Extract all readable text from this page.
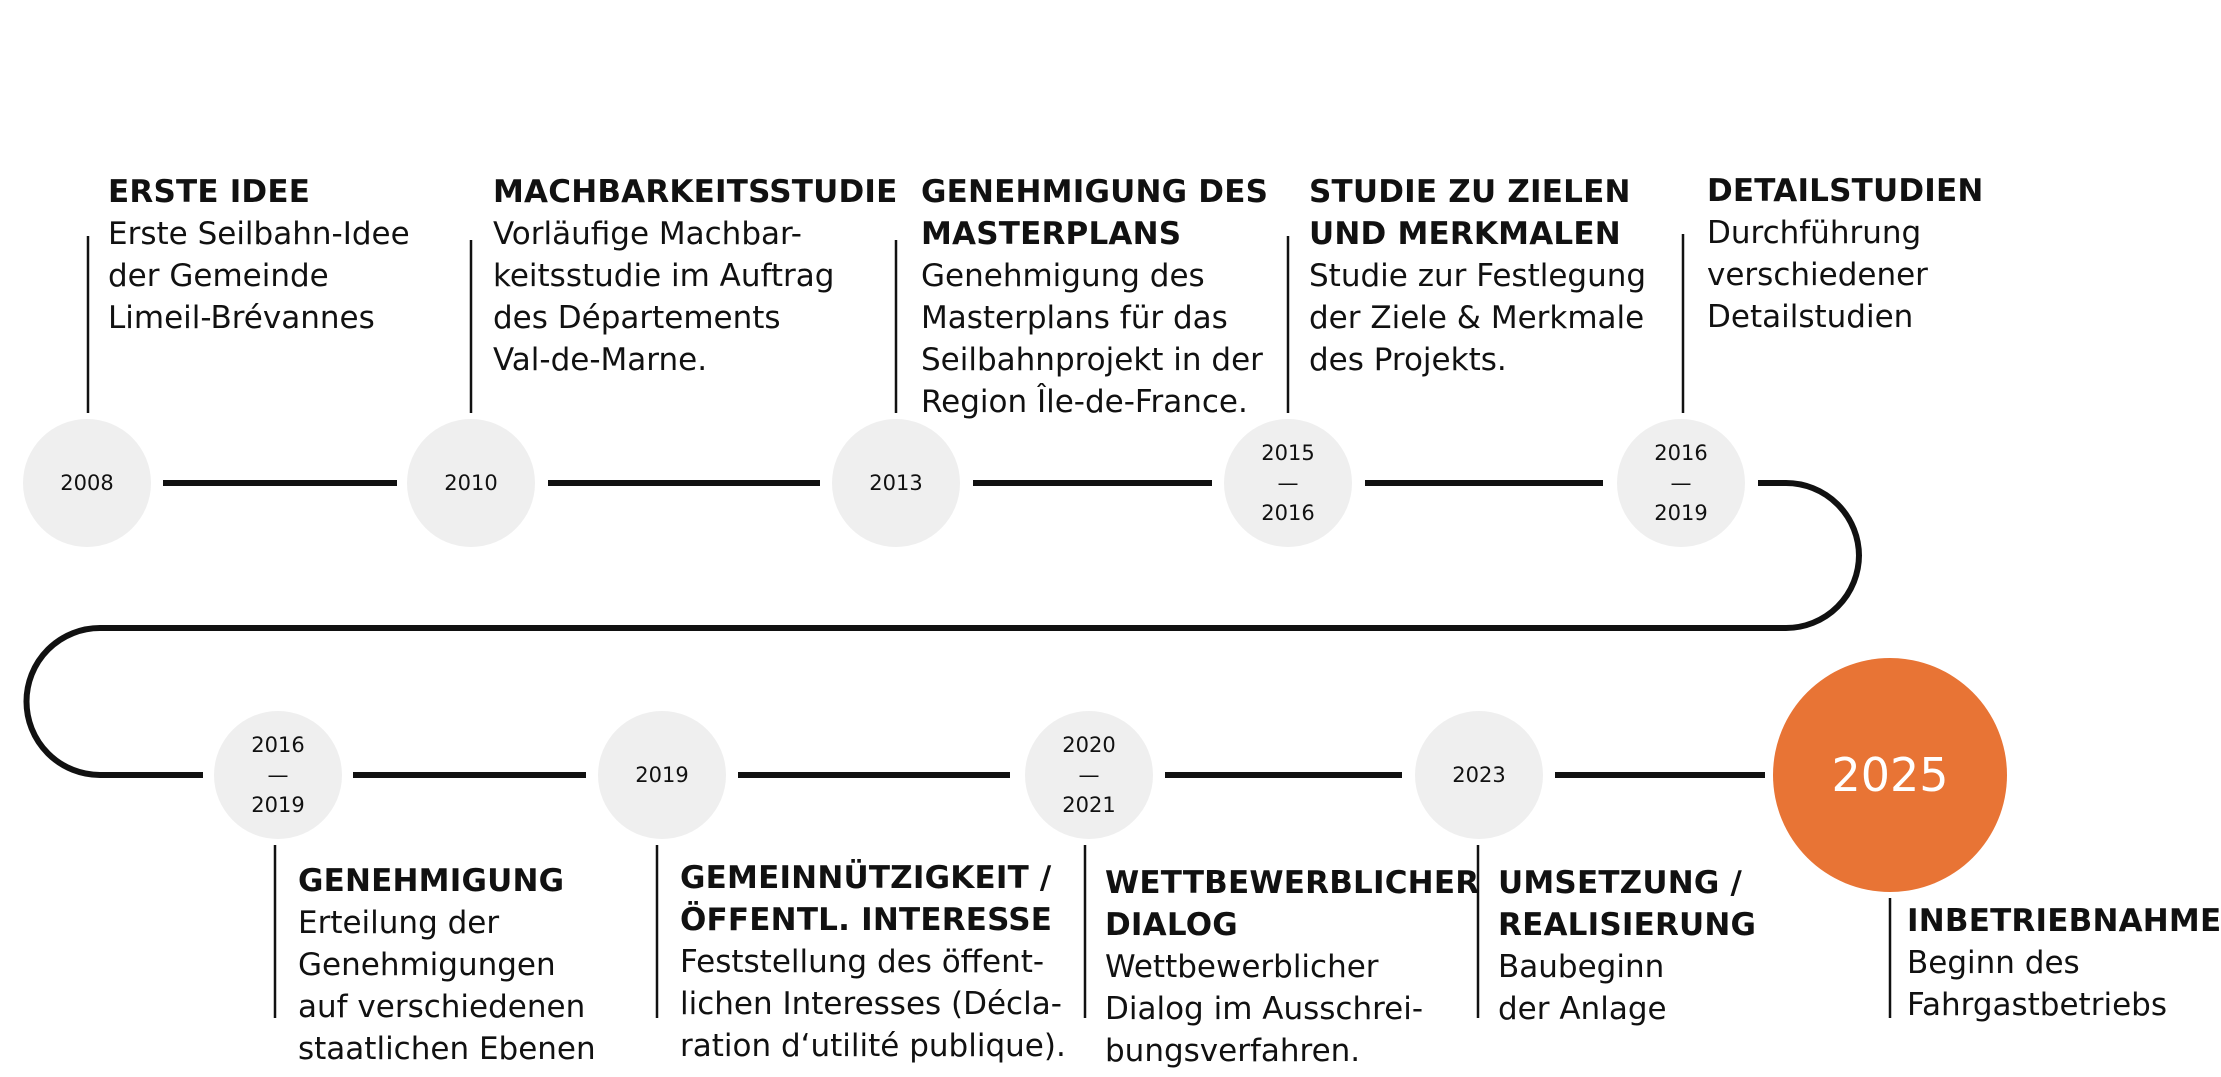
2008	2010	2013
2015
—
2016
2016
—
2019
2016
—
2019
2019
2020
—
2021
2023	2025
ERSTE IDEE
Erste Seilbahn-Idee
der Gemeinde
Limeil-Brévannes
MACHBARKEITSSTUDIE
Vorläufige Machbar-
keitsstudie im Auftrag
des Départements
Val-de-Marne.
GENEHMIGUNG DES
MASTERPLANS
Genehmigung des
Masterplans für das
Seilbahnprojekt in der
Region Île-de-France.
STUDIE ZU ZIELEN
UND MERKMALEN
Studie zur Festlegung
der Ziele & Merkmale
des Projekts.
DETAILSTUDIEN
Durchführung
verschiedener
Detailstudien
GENEHMIGUNG
Erteilung der
Genehmigungen
auf verschiedenen
staatlichen Ebenen
GEMEINNÜTZIGKEIT /
ÖFFENTL. INTERESSE
Feststellung des öffent-
lichen Interesses (Décla-
ration d‘utilité publique).
WETTBEWERBLICHER
DIALOG
Wettbewerblicher
Dialog im Ausschrei-
bungsverfahren.
UMSETZUNG /
REALISIERUNG
Baubeginn
der Anlage
INBETRIEBNAHME
Beginn des
Fahrgastbetriebs
